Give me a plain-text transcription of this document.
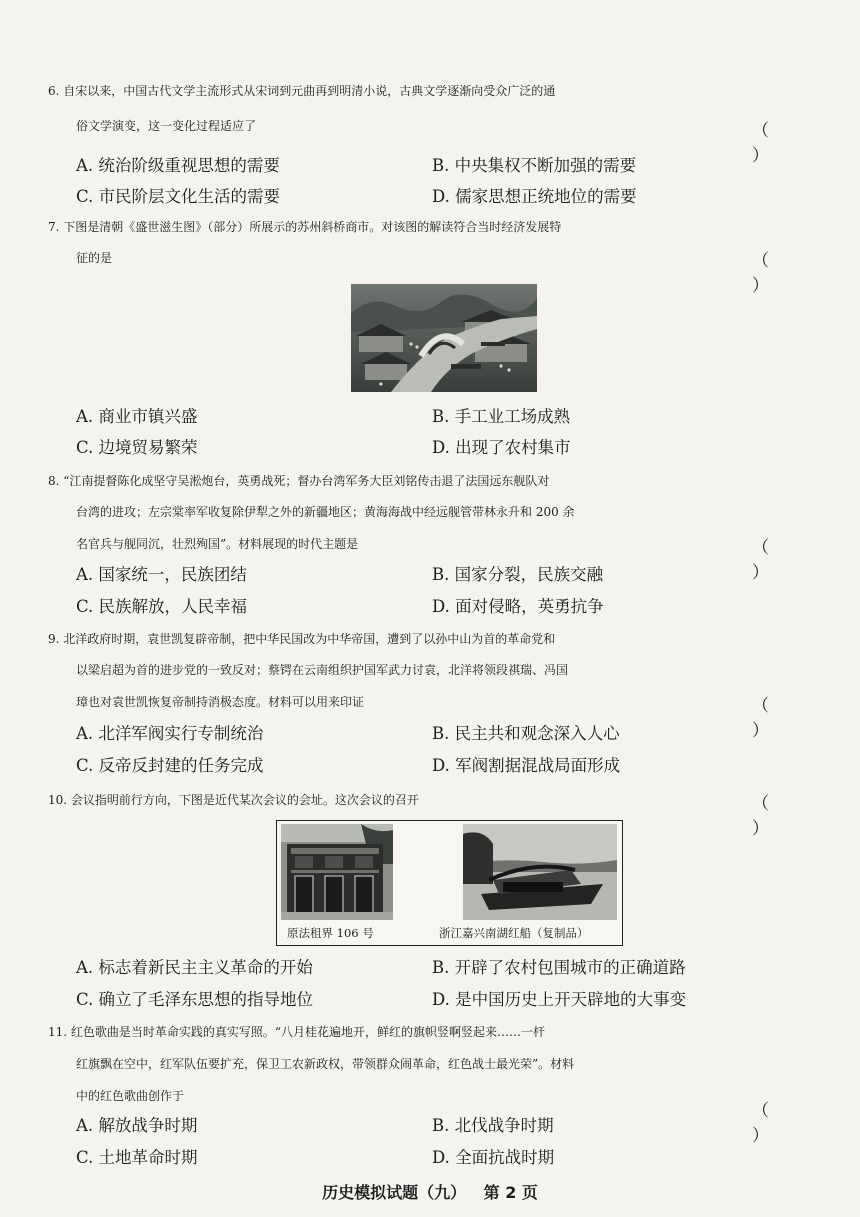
6. 自宋以来，中国古代文学主流形式从宋词到元曲再到明清小说，古典文学逐渐向受众广泛的通
俗文学演变，这一变化过程适应了	（ ）
A. 统治阶级重视思想的需要	B. 中央集权不断加强的需要
C. 市民阶层文化生活的需要	D. 儒家思想正统地位的需要
7. 下图是清朝《盛世滋生图》（部分）所展示的苏州斜桥商市。对该图的解读符合当时经济发展特
征的是	（ ）
A. 商业市镇兴盛	B. 手工业工场成熟
C. 边境贸易繁荣	D. 出现了农村集市
8. “江南提督陈化成坚守吴淞炮台，英勇战死；督办台湾军务大臣刘铭传击退了法国远东舰队对
台湾的进攻；左宗棠率军收复除伊犁之外的新疆地区；黄海海战中经远舰管带林永升和 200 余
名官兵与舰同沉，壮烈殉国”。材料展现的时代主题是	（ ）
A. 国家统一，民族团结	B. 国家分裂，民族交融
C. 民族解放，人民幸福	D. 面对侵略，英勇抗争
9. 北洋政府时期，袁世凯复辟帝制，把中华民国改为中华帝国，遭到了以孙中山为首的革命党和
以梁启超为首的进步党的一致反对；蔡锷在云南组织护国军武力讨袁，北洋将领段祺瑞、冯国
璋也对袁世凯恢复帝制持消极态度。材料可以用来印证	（ ）
A. 北洋军阀实行专制统治	B. 民主共和观念深入人心
C. 反帝反封建的任务完成	D. 军阀割据混战局面形成
10. 会议指明前行方向，下图是近代某次会议的会址。这次会议的召开	（ ）
原法租界 106 号	浙江嘉兴南湖红船（复制品）
A. 标志着新民主主义革命的开始	B. 开辟了农村包围城市的正确道路
C. 确立了毛泽东思想的指导地位	D. 是中国历史上开天辟地的大事变
11. 红色歌曲是当时革命实践的真实写照。“八月桂花遍地开，鲜红的旗帜竖啊竖起来……一杆
红旗飘在空中，红军队伍要扩充，保卫工农新政权，带领群众闹革命，红色战士最光荣”。材料
中的红色歌曲创作于
（ ）
A. 解放战争时期	B. 北伐战争时期
C. 土地革命时期	D. 全面抗战时期
历史模拟试题（九） 第 2 页
